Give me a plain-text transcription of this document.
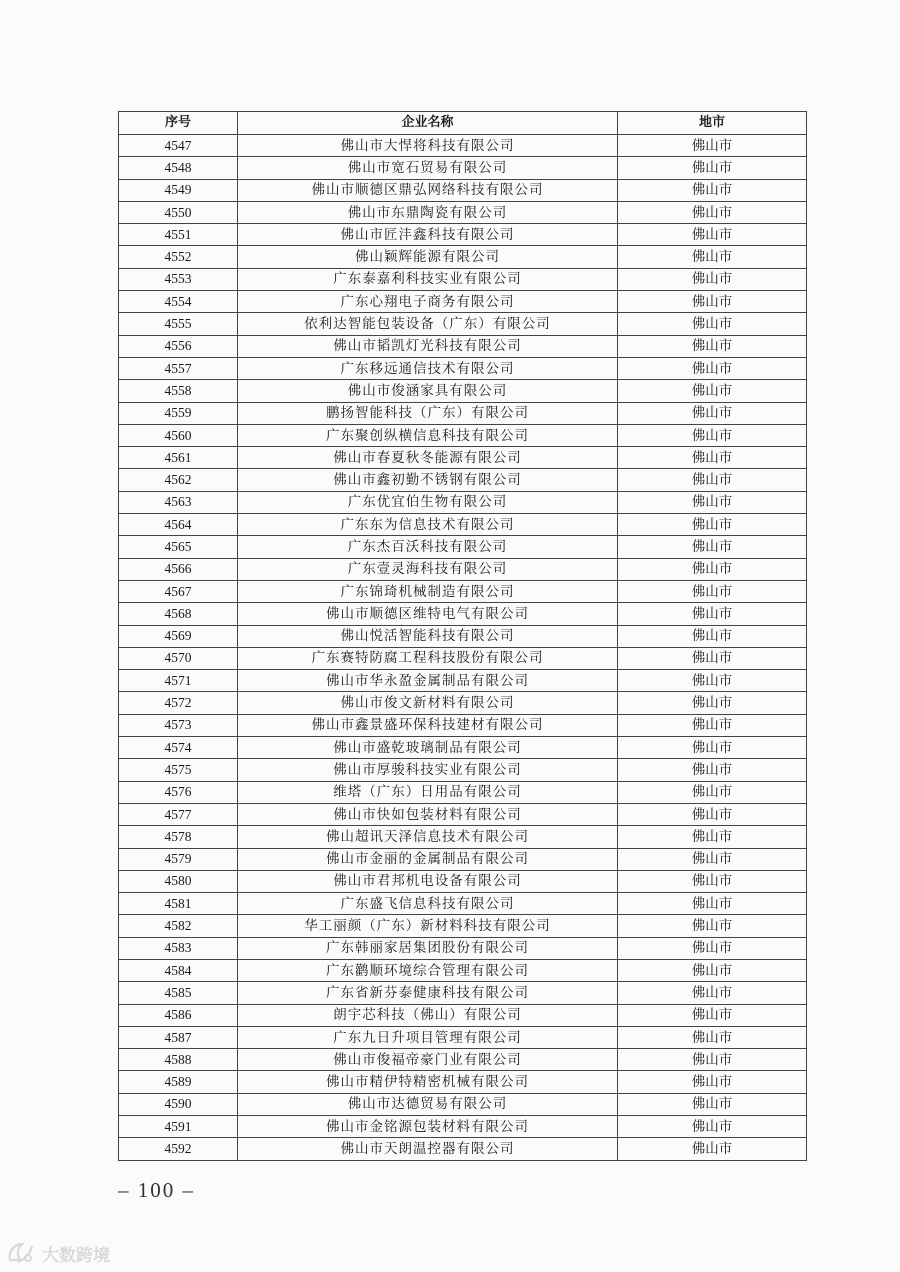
序号	企业名称	地市
4547	佛山市大悍将科技有限公司	佛山市
4548	佛山市宽石贸易有限公司	佛山市
4549	佛山市顺德区鼎弘网络科技有限公司	佛山市
4550	佛山市东鼎陶瓷有限公司	佛山市
4551	佛山市匠沣鑫科技有限公司	佛山市
4552	佛山颖辉能源有限公司	佛山市
4553	广东泰嘉利科技实业有限公司	佛山市
4554	广东心翔电子商务有限公司	佛山市
4555	依利达智能包装设备（广东）有限公司	佛山市
4556	佛山市韬凯灯光科技有限公司	佛山市
4557	广东移远通信技术有限公司	佛山市
4558	佛山市俊涵家具有限公司	佛山市
4559	鹏扬智能科技（广东）有限公司	佛山市
4560	广东聚创纵横信息科技有限公司	佛山市
4561	佛山市春夏秋冬能源有限公司	佛山市
4562	佛山市鑫初勤不锈钢有限公司	佛山市
4563	广东优宜伯生物有限公司	佛山市
4564	广东东为信息技术有限公司	佛山市
4565	广东杰百沃科技有限公司	佛山市
4566	广东壹灵海科技有限公司	佛山市
4567	广东锦琦机械制造有限公司	佛山市
4568	佛山市顺德区维特电气有限公司	佛山市
4569	佛山悦活智能科技有限公司	佛山市
4570	广东赛特防腐工程科技股份有限公司	佛山市
4571	佛山市华永盈金属制品有限公司	佛山市
4572	佛山市俊文新材料有限公司	佛山市
4573	佛山市鑫景盛环保科技建材有限公司	佛山市
4574	佛山市盛乾玻璃制品有限公司	佛山市
4575	佛山市厚骏科技实业有限公司	佛山市
4576	维塔（广东）日用品有限公司	佛山市
4577	佛山市快如包装材料有限公司	佛山市
4578	佛山超讯天泽信息技术有限公司	佛山市
4579	佛山市金丽的金属制品有限公司	佛山市
4580	佛山市君邦机电设备有限公司	佛山市
4581	广东盛飞信息科技有限公司	佛山市
4582	华工丽颜（广东）新材料科技有限公司	佛山市
4583	广东韩丽家居集团股份有限公司	佛山市
4584	广东鹳顺环境综合管理有限公司	佛山市
4585	广东省新芬泰健康科技有限公司	佛山市
4586	朗宇芯科技（佛山）有限公司	佛山市
4587	广东九日升项目管理有限公司	佛山市
4588	佛山市俊福帝豪门业有限公司	佛山市
4589	佛山市精伊特精密机械有限公司	佛山市
4590	佛山市达德贸易有限公司	佛山市
4591	佛山市金铭源包装材料有限公司	佛山市
4592	佛山市天朗温控器有限公司	佛山市
– 100 –
大数跨境
